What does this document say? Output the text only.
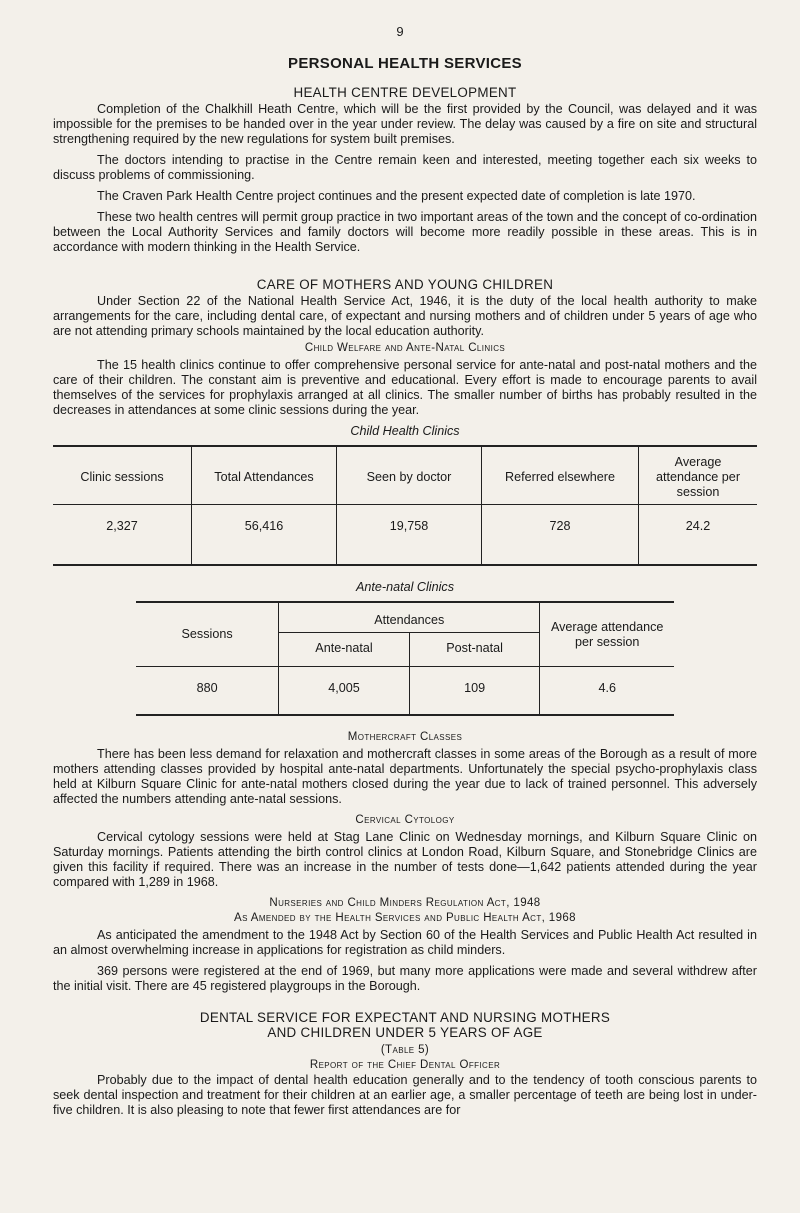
9
PERSONAL HEALTH SERVICES
HEALTH CENTRE DEVELOPMENT

Completion of the Chalkhill Heath Centre, which will be the first provided by the Council, was delayed and it was impossible for the premises to be handed over in the year under review. The delay was caused by a fire on site and structural strengthening required by the new regulations for system built premises.

The doctors intending to practise in the Centre remain keen and interested, meeting together each six weeks to discuss problems of commissioning.

The Craven Park Health Centre project continues and the present expected date of completion is late 1970.

These two health centres will permit group practice in two important areas of the town and the concept of co-ordination between the Local Authority Services and family doctors will become more readily possible in these areas. This is in accordance with modern thinking in the Health Service.

CARE OF MOTHERS AND YOUNG CHILDREN

Under Section 22 of the National Health Service Act, 1946, it is the duty of the local health authority to make arrangements for the care, including dental care, of expectant and nursing mothers and of children under 5 years of age who are not attending primary schools maintained by the local education authority.

Child Welfare and Ante-Natal Clinics

The 15 health clinics continue to offer comprehensive personal service for ante-natal and post-natal mothers and the care of their children. The constant aim is preventive and educational. Every effort is made to encourage parents to avail themselves of the services for prophylaxis arranged at all clinics. The smaller number of births has probably resulted in the decreases in attendances at some clinic sessions during the year.

Child Health Clinics
Clinic sessions	Total Attendances	Seen by doctor	Referred elsewhere	Average attendance per session
2,327	56,416	19,758	728	24.2
Ante-natal Clinics
Sessions	Attendances		Average attendance per session
	Ante-natal	Post-natal	
880	4,005	109	4.6
Mothercraft Classes

There has been less demand for relaxation and mothercraft classes in some areas of the Borough as a result of more mothers attending classes provided by hospital ante-natal departments. Unfortunately the special psycho-prophylaxis class held at Kilburn Square Clinic for ante-natal mothers closed during the year due to lack of trained personnel. This adversely affected the numbers attending ante-natal sessions.

Cervical Cytology

Cervical cytology sessions were held at Stag Lane Clinic on Wednesday mornings, and Kilburn Square Clinic on Saturday mornings. Patients attending the birth control clinics at London Road, Kilburn Square, and Stonebridge Clinics are given this facility if required. There was an increase in the number of tests done—1,642 patients attended during the year compared with 1,289 in 1968.

Nurseries and Child Minders Regulation Act, 1948
As Amended by the Health Services and Public Health Act, 1968

As anticipated the amendment to the 1948 Act by Section 60 of the Health Services and Public Health Act resulted in an almost overwhelming increase in applications for registration as child minders.

369 persons were registered at the end of 1969, but many more applications were made and several withdrew after the initial visit. There are 45 registered playgroups in the Borough.

DENTAL SERVICE FOR EXPECTANT AND NURSING MOTHERS
AND CHILDREN UNDER 5 YEARS OF AGE
(Table 5)
Report of the Chief Dental Officer

Probably due to the impact of dental health education generally and to the tendency of tooth conscious parents to seek dental inspection and treatment for their children at an earlier age, a smaller percentage of teeth are being lost in under-five children. It is also pleasing to note that fewer first attendances are for
